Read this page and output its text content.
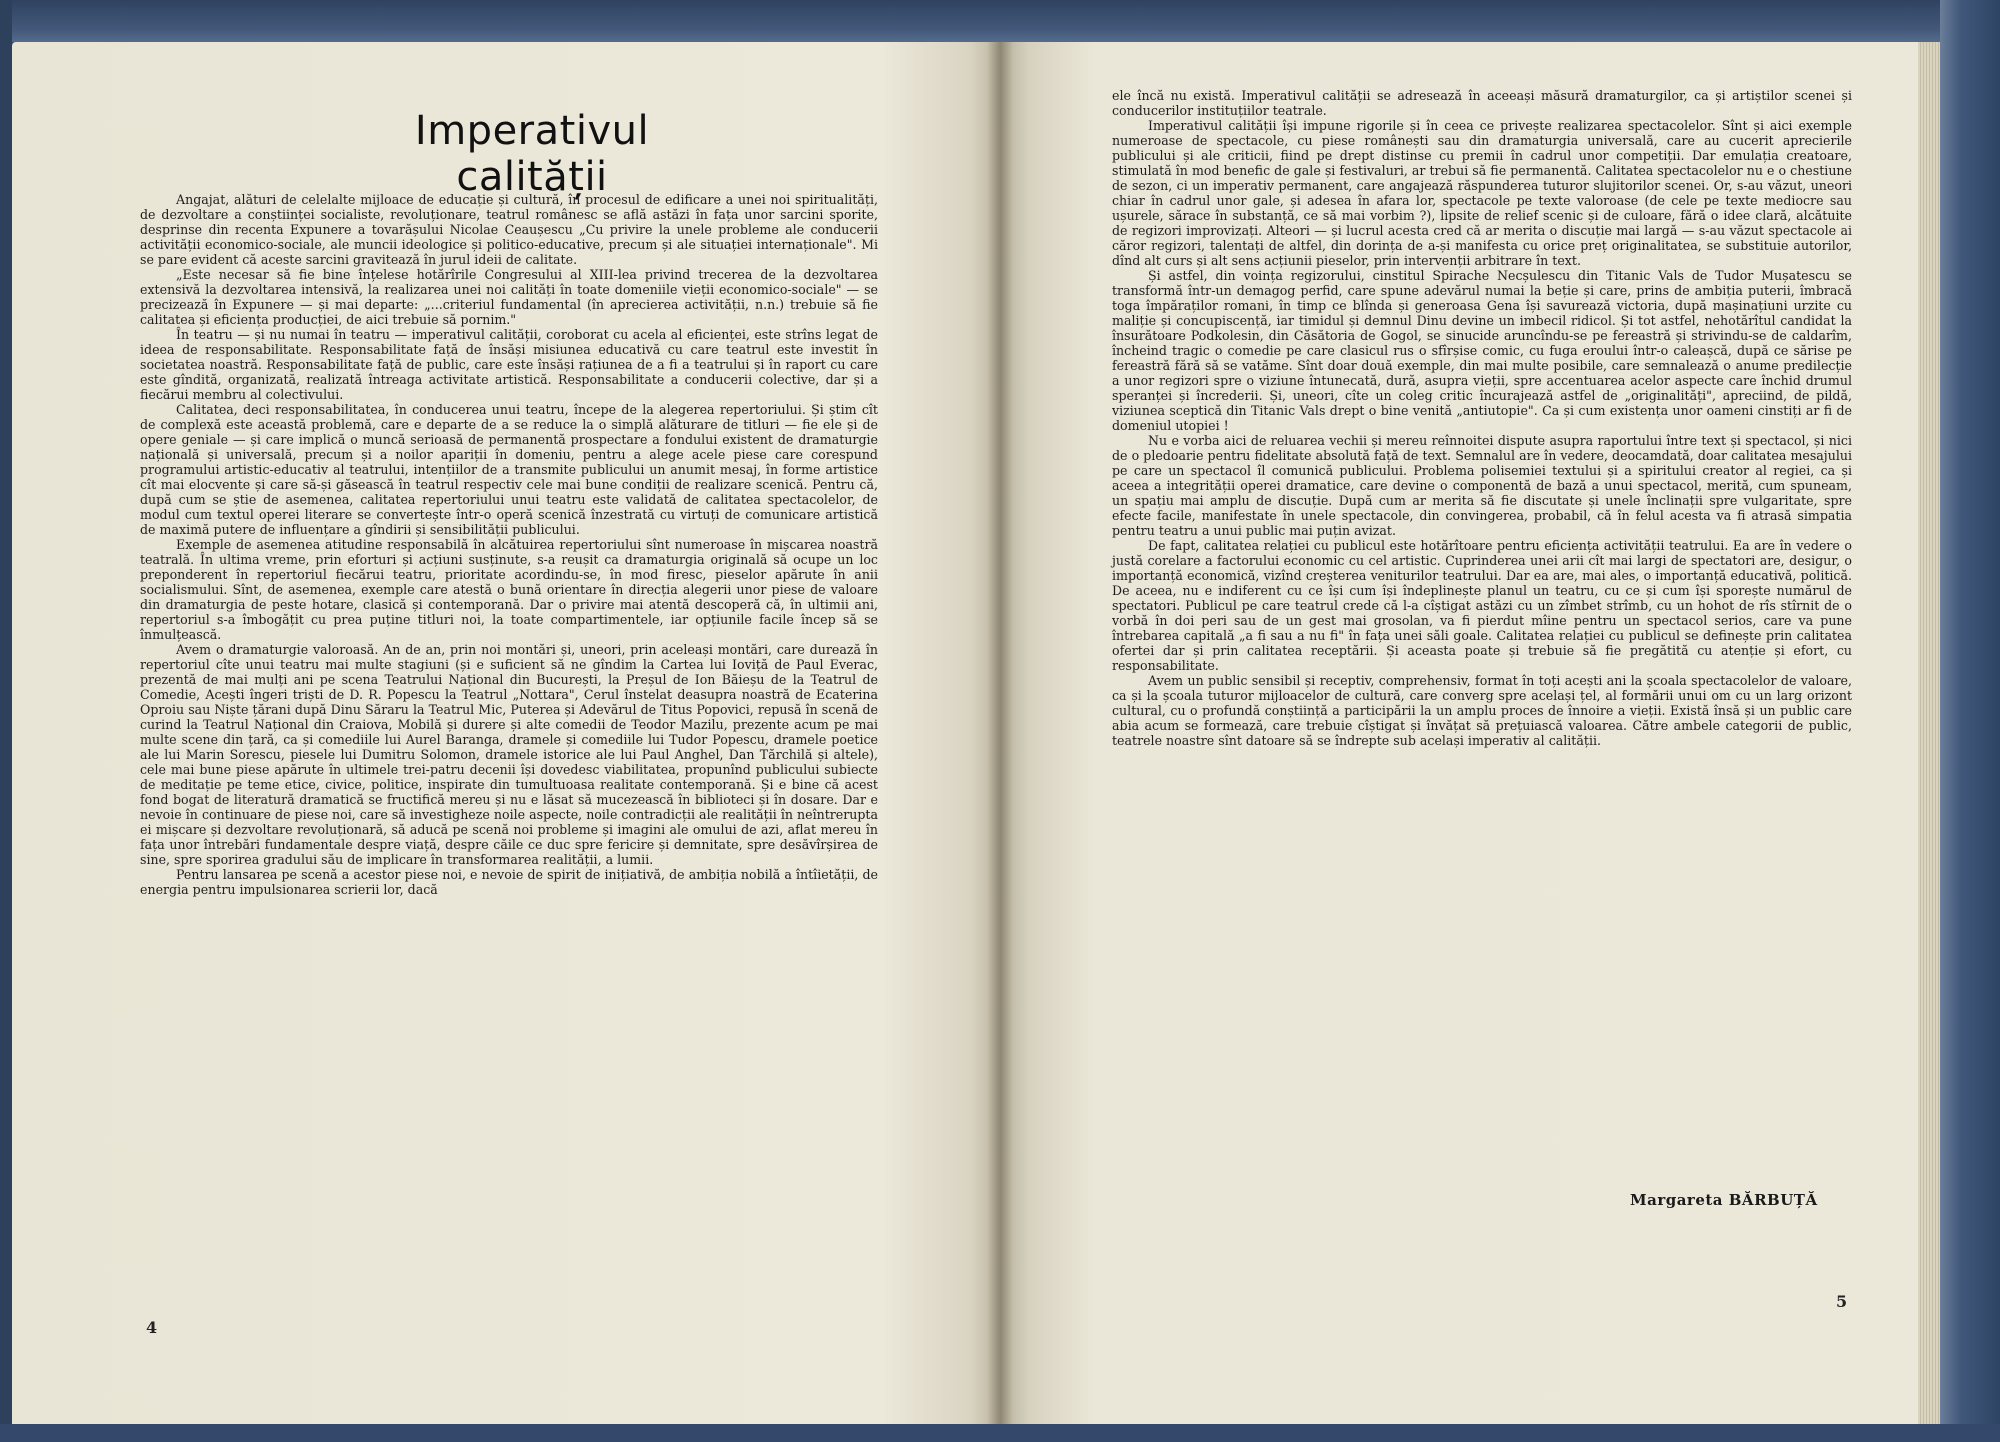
Imperativul calității

Angajat, alături de celelalte mijloace de educație și cultură, în procesul de edificare a unei noi spiritualități, de dezvoltare a conștiinței socialiste, revoluționare, teatrul românesc se află astăzi în fața unor sarcini sporite, desprinse din recenta Expunere a tovarășului Nicolae Ceaușescu „Cu privire la unele probleme ale conducerii activității economico-sociale, ale muncii ideologice și politico-educative, precum și ale situației internaționale". Mi se pare evident că aceste sarcini gravitează în jurul ideii de calitate.

„Este necesar să fie bine înțelese hotărîrile Congresului al XIII-lea privind trecerea de la dezvoltarea extensivă la dezvoltarea intensivă, la realizarea unei noi calități în toate domeniile vieții economico-sociale" — se precizează în Expunere — și mai departe: „...criteriul fundamental (în aprecierea activității, n.n.) trebuie să fie calitatea și eficiența producției, de aici trebuie să pornim."

În teatru — și nu numai în teatru — imperativul calității, coroborat cu acela al eficienței, este strîns legat de ideea de responsabilitate. Responsabilitate față de însăși misiunea educativă cu care teatrul este investit în societatea noastră. Responsabilitate față de public, care este însăși rațiunea de a fi a teatrului și în raport cu care este gîndită, organizată, realizată întreaga activitate artistică. Responsabilitate a conducerii colective, dar și a fiecărui membru al colectivului.

Calitatea, deci responsabilitatea, în conducerea unui teatru, începe de la alegerea repertoriului. Și știm cît de complexă este această problemă, care e departe de a se reduce la o simplă alăturare de titluri — fie ele și de opere geniale — și care implică o muncă serioasă de permanentă prospectare a fondului existent de dramaturgie națională și universală, precum și a noilor apariții în domeniu, pentru a alege acele piese care corespund programului artistic-educativ al teatrului, intențiilor de a transmite publicului un anumit mesaj, în forme artistice cît mai elocvente și care să-și găsească în teatrul respectiv cele mai bune condiții de realizare scenică. Pentru că, după cum se știe de asemenea, calitatea repertoriului unui teatru este validată de calitatea spectacolelor, de modul cum textul operei literare se convertește într-o operă scenică înzestrată cu virtuți de comunicare artistică de maximă putere de influențare a gîndirii și sensibilității publicului.

Exemple de asemenea atitudine responsabilă în alcătuirea repertoriului sînt numeroase în mișcarea noastră teatrală. În ultima vreme, prin eforturi și acțiuni susținute, s-a reușit ca dramaturgia originală să ocupe un loc preponderent în repertoriul fiecărui teatru, prioritate acordindu-se, în mod firesc, pieselor apărute în anii socialismului. Sînt, de asemenea, exemple care atestă o bună orientare în direcția alegerii unor piese de valoare din dramaturgia de peste hotare, clasică și contemporană. Dar o privire mai atentă descoperă că, în ultimii ani, repertoriul s-a îmbogățit cu prea puține titluri noi, la toate compartimentele, iar opțiunile facile încep să se înmulțească.

Avem o dramaturgie valoroasă. An de an, prin noi montări și, uneori, prin aceleași montări, care durează în repertoriul cîte unui teatru mai multe stagiuni (și e suficient să ne gîndim la Cartea lui Ioviță de Paul Everac, prezentă de mai mulți ani pe scena Teatrului Național din București, la Preșul de Ion Băieșu de la Teatrul de Comedie, Acești îngeri triști de D. R. Popescu la Teatrul „Nottara", Cerul înstelat deasupra noastră de Ecaterina Oproiu sau Niște țărani după Dinu Săraru la Teatrul Mic, Puterea și Adevărul de Titus Popovici, repusă în scenă de curind la Teatrul Național din Craiova, Mobilă și durere și alte comedii de Teodor Mazilu, prezente acum pe mai multe scene din țară, ca și comediile lui Aurel Baranga, dramele și comediile lui Tudor Popescu, dramele poetice ale lui Marin Sorescu, piesele lui Dumitru Solomon, dramele istorice ale lui Paul Anghel, Dan Tărchilă și altele), cele mai bune piese apărute în ultimele trei-patru decenii își dovedesc viabilitatea, propunînd publicului subiecte de meditație pe teme etice, civice, politice, inspirate din tumultuoasa realitate contemporană. Și e bine că acest fond bogat de literatură dramatică se fructifică mereu și nu e lăsat să mucezească în biblioteci și în dosare. Dar e nevoie în continuare de piese noi, care să investigheze noile aspecte, noile contradicții ale realității în neîntrerupta ei mișcare și dezvoltare revoluționară, să aducă pe scenă noi probleme și imagini ale omului de azi, aflat mereu în fața unor întrebări fundamentale despre viață, despre căile ce duc spre fericire și demnitate, spre desăvîrșirea de sine, spre sporirea gradului său de implicare în transformarea realității, a lumii.

Pentru lansarea pe scenă a acestor piese noi, e nevoie de spirit de inițiativă, de ambiția nobilă a întîietății, de energia pentru impulsionarea scrierii lor, dacă

4

ele încă nu există. Imperativul calității se adresează în aceeași măsură dramaturgilor, ca și artiștilor scenei și conducerilor instituțiilor teatrale.

Imperativul calității își impune rigorile și în ceea ce privește realizarea spectacolelor. Sînt și aici exemple numeroase de spectacole, cu piese românești sau din dramaturgia universală, care au cucerit aprecierile publicului și ale criticii, fiind pe drept distinse cu premii în cadrul unor competiții. Dar emulația creatoare, stimulată în mod benefic de gale și festivaluri, ar trebui să fie permanentă. Calitatea spectacolelor nu e o chestiune de sezon, ci un imperativ permanent, care angajează răspunderea tuturor slujitorilor scenei. Or, s-au văzut, uneori chiar în cadrul unor gale, și adesea în afara lor, spectacole pe texte valoroase (de cele pe texte mediocre sau ușurele, sărace în substanță, ce să mai vorbim ?), lipsite de relief scenic și de culoare, fără o idee clară, alcătuite de regizori improvizați. Alteori — și lucrul acesta cred că ar merita o discuție mai largă — s-au văzut spectacole ai căror regizori, talentați de altfel, din dorința de a-și manifesta cu orice preț originalitatea, se substituie autorilor, dînd alt curs și alt sens acțiunii pieselor, prin intervenții arbitrare în text.

Și astfel, din voința regizorului, cinstitul Spirache Necșulescu din Titanic Vals de Tudor Mușatescu se transformă într-un demagog perfid, care spune adevărul numai la beție și care, prins de ambiția puterii, îmbracă toga împăraților romani, în timp ce blînda și generoasa Gena își savurează victoria, după mașinațiuni urzite cu maliție și concupiscență, iar timidul și demnul Dinu devine un imbecil ridicol. Și tot astfel, nehotărîtul candidat la însurătoare Podkolesin, din Căsătoria de Gogol, se sinucide aruncîndu-se pe fereastră și strivindu-se de caldarîm, încheind tragic o comedie pe care clasicul rus o sfîrșise comic, cu fuga eroului într-o caleașcă, după ce sărise pe fereastră fără să se vatăme. Sînt doar două exemple, din mai multe posibile, care semnalează o anume predilecție a unor regizori spre o viziune întunecată, dură, asupra vieții, spre accentuarea acelor aspecte care închid drumul speranței și încrederii. Și, uneori, cîte un coleg critic încurajează astfel de „originalități", apreciind, de pildă, viziunea sceptică din Titanic Vals drept o bine venită „antiutopie". Ca și cum existența unor oameni cinstiți ar fi de domeniul utopiei !

Nu e vorba aici de reluarea vechii și mereu reînnoitei dispute asupra raportului între text și spectacol, și nici de o pledoarie pentru fidelitate absolută față de text. Semnalul are în vedere, deocamdată, doar calitatea mesajului pe care un spectacol îl comunică publicului. Problema polisemiei textului și a spiritului creator al regiei, ca și aceea a integrității operei dramatice, care devine o componentă de bază a unui spectacol, merită, cum spuneam, un spațiu mai amplu de discuție. După cum ar merita să fie discutate și unele înclinații spre vulgaritate, spre efecte facile, manifestate în unele spectacole, din convingerea, probabil, că în felul acesta va fi atrasă simpatia pentru teatru a unui public mai puțin avizat.

De fapt, calitatea relației cu publicul este hotărîtoare pentru eficiența activității teatrului. Ea are în vedere o justă corelare a factorului economic cu cel artistic. Cuprinderea unei arii cît mai largi de spectatori are, desigur, o importanță economică, vizînd creșterea veniturilor teatrului. Dar ea are, mai ales, o importanță educativă, politică. De aceea, nu e indiferent cu ce își cum își îndeplinește planul un teatru, cu ce și cum își sporește numărul de spectatori. Publicul pe care teatrul crede că l-a cîștigat astăzi cu un zîmbet strîmb, cu un hohot de rîs stîrnit de o vorbă în doi peri sau de un gest mai grosolan, va fi pierdut mîine pentru un spectacol serios, care va pune întrebarea capitală „a fi sau a nu fi" în fața unei săli goale. Calitatea relației cu publicul se definește prin calitatea ofertei dar și prin calitatea receptării. Și aceasta poate și trebuie să fie pregătită cu atenție și efort, cu responsabilitate.

Avem un public sensibil și receptiv, comprehensiv, format în toți acești ani la școala spectacolelor de valoare, ca și la școala tuturor mijloacelor de cultură, care converg spre același țel, al formării unui om cu un larg orizont cultural, cu o profundă conștiință a participării la un amplu proces de înnoire a vieții. Există însă și un public care abia acum se formează, care trebuie cîștigat și învățat să prețuiască valoarea. Către ambele categorii de public, teatrele noastre sînt datoare să se îndrepte sub același imperativ al calității.

Margareta BĂRBUȚĂ
5
